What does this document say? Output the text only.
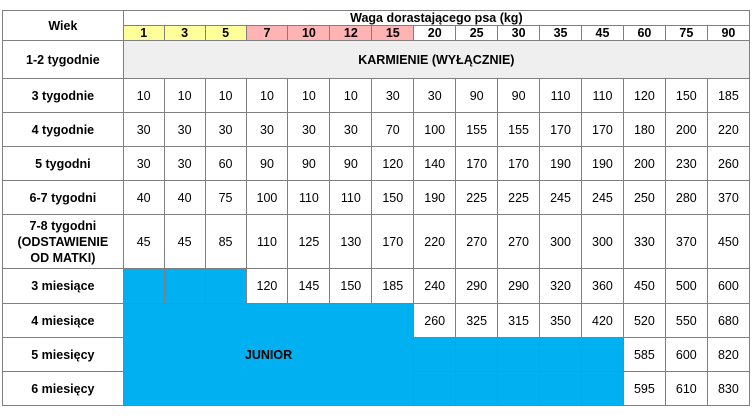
Wiek	Waga dorastającego psa (kg)														
	1	3	5	7	10	12	15	20	25	30	35	45	60	75	90
1-2 tygodnie	KARMIENIE (WYŁĄCZNIE)														
3 tygodnie	10	10	10	10	10	10	30	30	90	90	110	110	120	150	185
4 tygodnie	30	30	30	30	30	30	70	100	155	155	170	170	180	200	220
5 tygodni	30	30	60	90	90	90	120	140	170	170	190	190	200	230	260
6-7 tygodni	40	40	75	100	110	110	150	190	225	225	245	245	250	280	370

7-8 tygodni
(ODSTAWIENIE
OD MATKI)	45	45	85	110	125	130	170	220	270	270	300	300	330	370	450
3 miesiące				120	145	150	185	240	290	290	320	360	450	500	600
4 miesiące	JUNIOR							260	325	315	350	420	520	550	680
5 miesięcy													585	600	820
6 miesięcy													595	610	830
